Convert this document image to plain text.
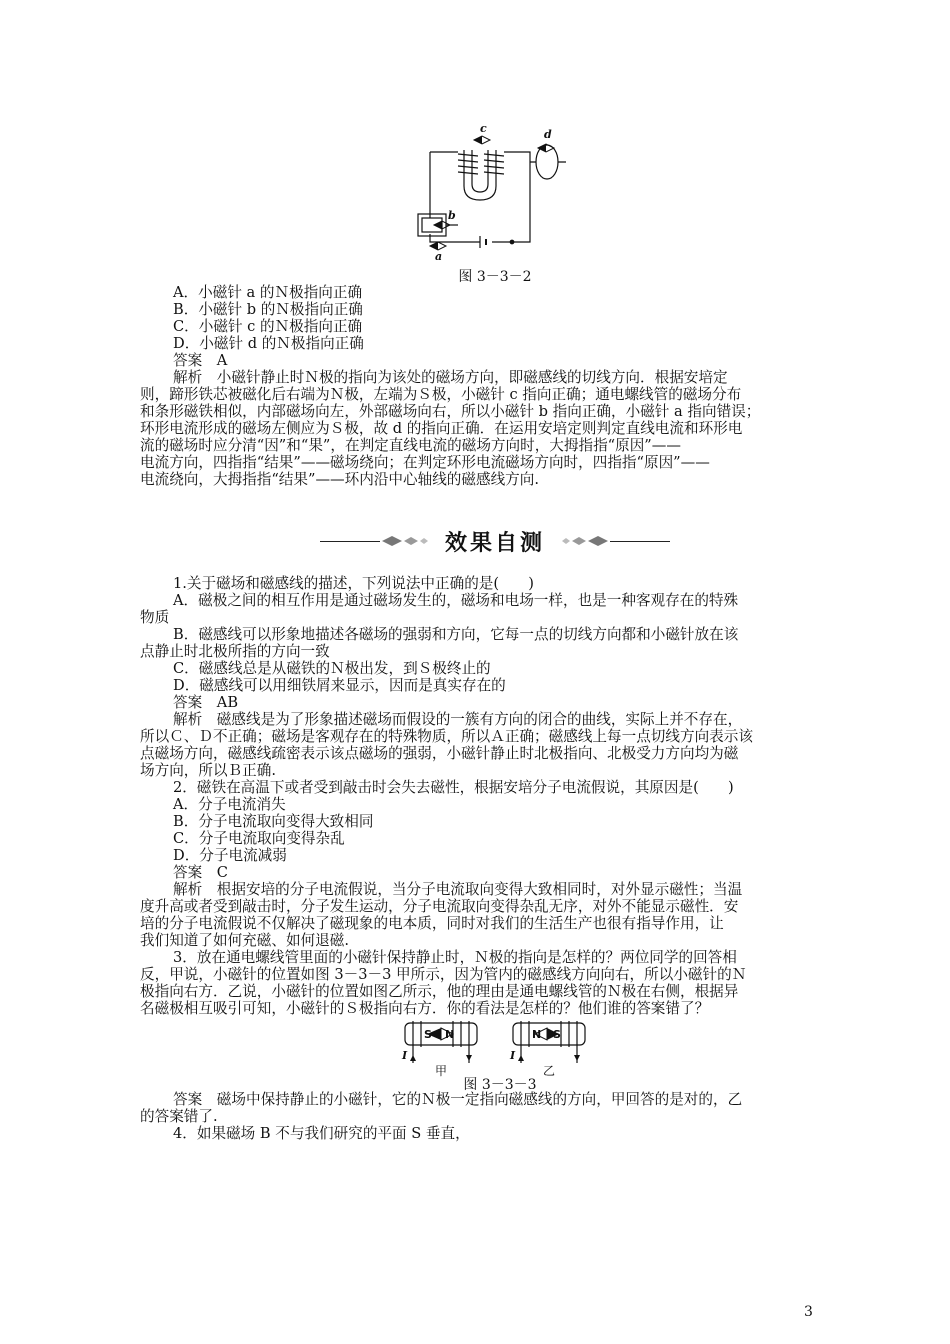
c	d
b
a
图 3－3－2
A．小磁针 a 的Ｎ极指向正确
B．小磁针 b 的Ｎ极指向正确
C．小磁针 c 的Ｎ极指向正确
D．小磁针 d 的Ｎ极指向正确
答案　A
解析　小磁针静止时Ｎ极的指向为该处的磁场方向，即磁感线的切线方向．根据安培定
则，蹄形铁芯被磁化后右端为Ｎ极，左端为Ｓ极，小磁针 c 指向正确；通电螺线管的磁场分布
和条形磁铁相似，内部磁场向左，外部磁场向右，所以小磁针 b 指向正确，小磁针 a 指向错误；
环形电流形成的磁场左侧应为Ｓ极，故 d 的指向正确．在运用安培定则判定直线电流和环形电
流的磁场时应分清“因”和“果”，在判定直线电流的磁场方向时，大拇指指“原因”——
电流方向，四指指“结果”——磁场绕向；在判定环形电流磁场方向时，四指指“原因”——
电流绕向，大拇指指“结果”——环内沿中心轴线的磁感线方向.
效果自测
1.关于磁场和磁感线的描述，下列说法中正确的是(　　)
A．磁极之间的相互作用是通过磁场发生的，磁场和电场一样，也是一种客观存在的特殊
物质
B．磁感线可以形象地描述各磁场的强弱和方向，它每一点的切线方向都和小磁针放在该
点静止时北极所指的方向一致
C．磁感线总是从磁铁的Ｎ极出发，到Ｓ极终止的
D．磁感线可以用细铁屑来显示，因而是真实存在的
答案　AB
解析　磁感线是为了形象描述磁场而假设的一簇有方向的闭合的曲线，实际上并不存在，
所以Ｃ、Ｄ不正确；磁场是客观存在的特殊物质，所以Ａ正确；磁感线上每一点切线方向表示该
点磁场方向，磁感线疏密表示该点磁场的强弱，小磁针静止时北极指向、北极受力方向均为磁
场方向，所以Ｂ正确.
2．磁铁在高温下或者受到敲击时会失去磁性，根据安培分子电流假说，其原因是(　　)
A．分子电流消失
B．分子电流取向变得大致相同
C．分子电流取向变得杂乱
D．分子电流减弱
答案　C
解析　根据安培的分子电流假说，当分子电流取向变得大致相同时，对外显示磁性；当温
度升高或者受到敲击时，分子发生运动，分子电流取向变得杂乱无序，对外不能显示磁性．安
培的分子电流假说不仅解决了磁现象的电本质，同时对我们的生活生产也很有指导作用，让
我们知道了如何充磁、如何退磁.
3．放在通电螺线管里面的小磁针保持静止时，Ｎ极的指向是怎样的？两位同学的回答相
反，甲说，小磁针的位置如图 3－3－3 甲所示，因为管内的磁感线方向向右，所以小磁针的Ｎ
极指向右方．乙说，小磁针的位置如图乙所示，他的理由是通电螺线管的Ｎ极在右侧，根据异
名磁极相互吸引可知，小磁针的Ｓ极指向右方．你的看法是怎样的？他们谁的答案错了？
S N	N S
I	I
甲	乙
图 3－3－3
答案　磁场中保持静止的小磁针，它的Ｎ极一定指向磁感线的方向，甲回答的是对的，乙
的答案错了.
4．如果磁场 B 不与我们研究的平面 S 垂直，
3
